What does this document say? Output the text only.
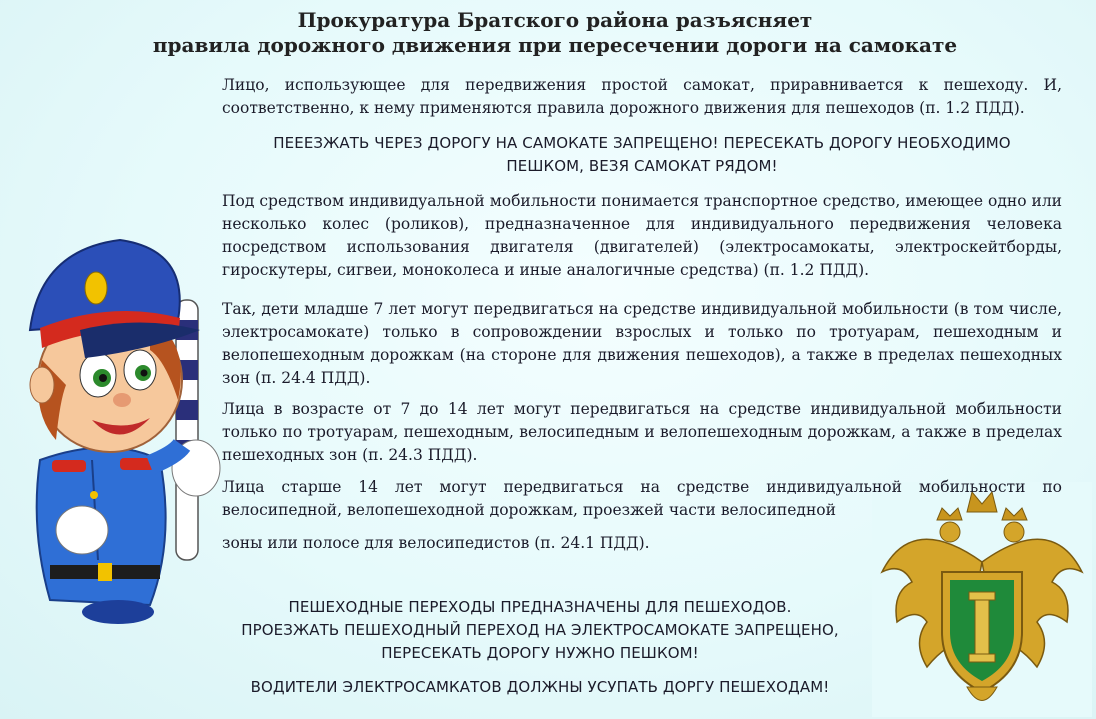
Прокуратура Братского района разъясняет
правила дорожного движения при пересечении дороги на самокате
Лицо, использующее для передвижения простой самокат, приравнивается к пешеходу. И, соответственно, к нему применяются правила дорожного движения для пешеходов (п. 1.2 ПДД).
ПЕЕЕЗЖАТЬ ЧЕРЕЗ ДОРОГУ НА САМОКАТЕ ЗАПРЕЩЕНО! ПЕРЕСЕКАТЬ ДОРОГУ НЕОБХОДИМО
ПЕШКОМ, ВЕЗЯ САМОКАТ РЯДОМ!
Под средством индивидуальной мобильности понимается транспортное средство, имеющее одно или несколько колес (роликов), предназначенное для индивидуального передвижения человека посредством использования двигателя (двигателей) (электросамокаты, электроскейтборды, гироскутеры, сигвеи, моноколеса и иные аналогичные средства) (п. 1.2 ПДД).
Так, дети младше 7 лет могут передвигаться на средстве индивидуальной мобильности (в том числе, электросамокате) только в сопровождении взрослых и только по тротуарам, пешеходным и велопешеходным дорожкам (на стороне для движения пешеходов), а также в пределах пешеходных зон (п. 24.4 ПДД).
Лица в возрасте от 7 до 14 лет могут передвигаться на средстве индивидуальной мобильности только по тротуарам, пешеходным, велосипедным и велопешеходным дорожкам, а также в пределах пешеходных зон (п. 24.3 ПДД).
Лица старше 14 лет могут передвигаться на средстве индивидуальной мобильности по
велосипедной, велопешеходной дорожкам, проезжей части велосипедной
зоны или полосе для велосипедистов (п. 24.1 ПДД).
ПЕШЕХОДНЫЕ ПЕРЕХОДЫ ПРЕДНАЗНАЧЕНЫ ДЛЯ ПЕШЕХОДОВ.
ПРОЕЗЖАТЬ ПЕШЕХОДНЫЙ ПЕРЕХОД НА ЭЛЕКТРОСАМОКАТЕ ЗАПРЕЩЕНО,
ПЕРЕСЕКАТЬ ДОРОГУ НУЖНО ПЕШКОМ!
ВОДИТЕЛИ ЭЛЕКТРОСАМКАТОВ ДОЛЖНЫ УСУПАТЬ ДОРГУ ПЕШЕХОДАМ!
